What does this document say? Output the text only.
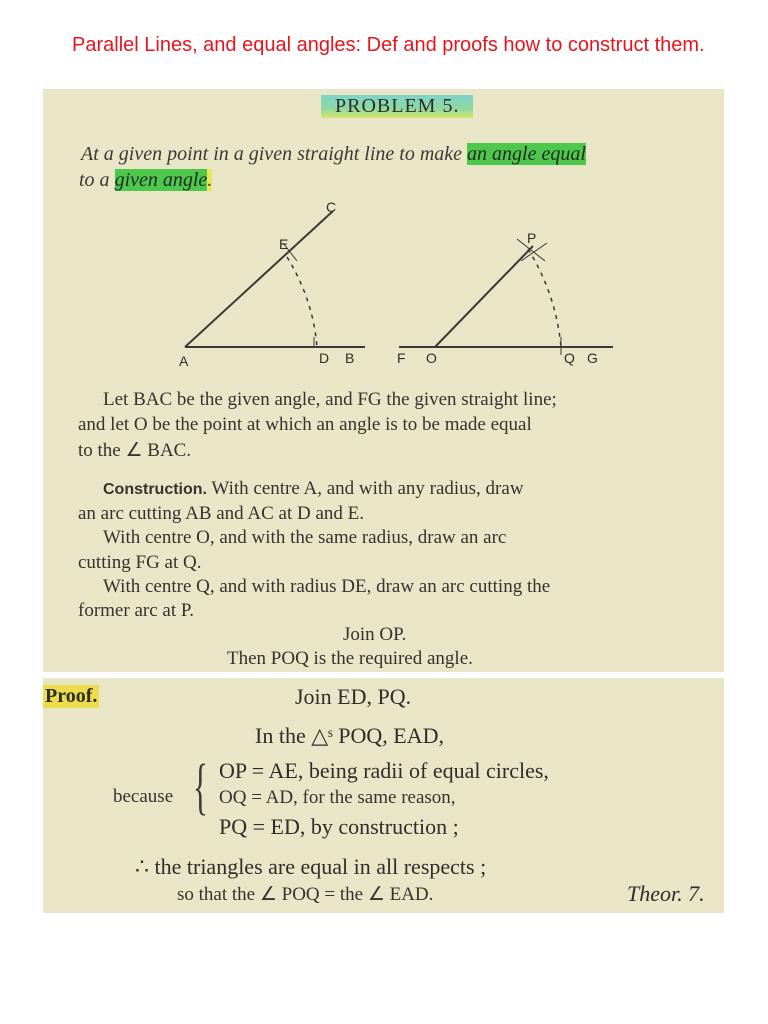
Parallel Lines, and equal angles: Def and proofs how to construct them.
PROBLEM 5.
At a given point in a given straight line to make an angle equal
to a given angle.
C
E
A	D B	F O
P
Q G
Let BAC be the given angle, and FG the given straight line;
and let O be the point at which an angle is to be made equal
to the ∠ BAC.
Construction. With centre A, and with any radius, draw
an arc cutting AB and AC at D and E.
With centre O, and with the same radius, draw an arc
cutting FG at Q.
With centre Q, and with radius DE, draw an arc cutting the
former arc at P.
Join OP.
Then POQ is the required angle.
Proof.	Join ED, PQ.
In the △ˢ POQ, EAD,
because { OP = AE, being radii of equal circles,
OQ = AD, for the same reason,
PQ = ED, by construction ;
∴ the triangles are equal in all respects ;
so that the ∠ POQ = the ∠ EAD.	Theor. 7.
